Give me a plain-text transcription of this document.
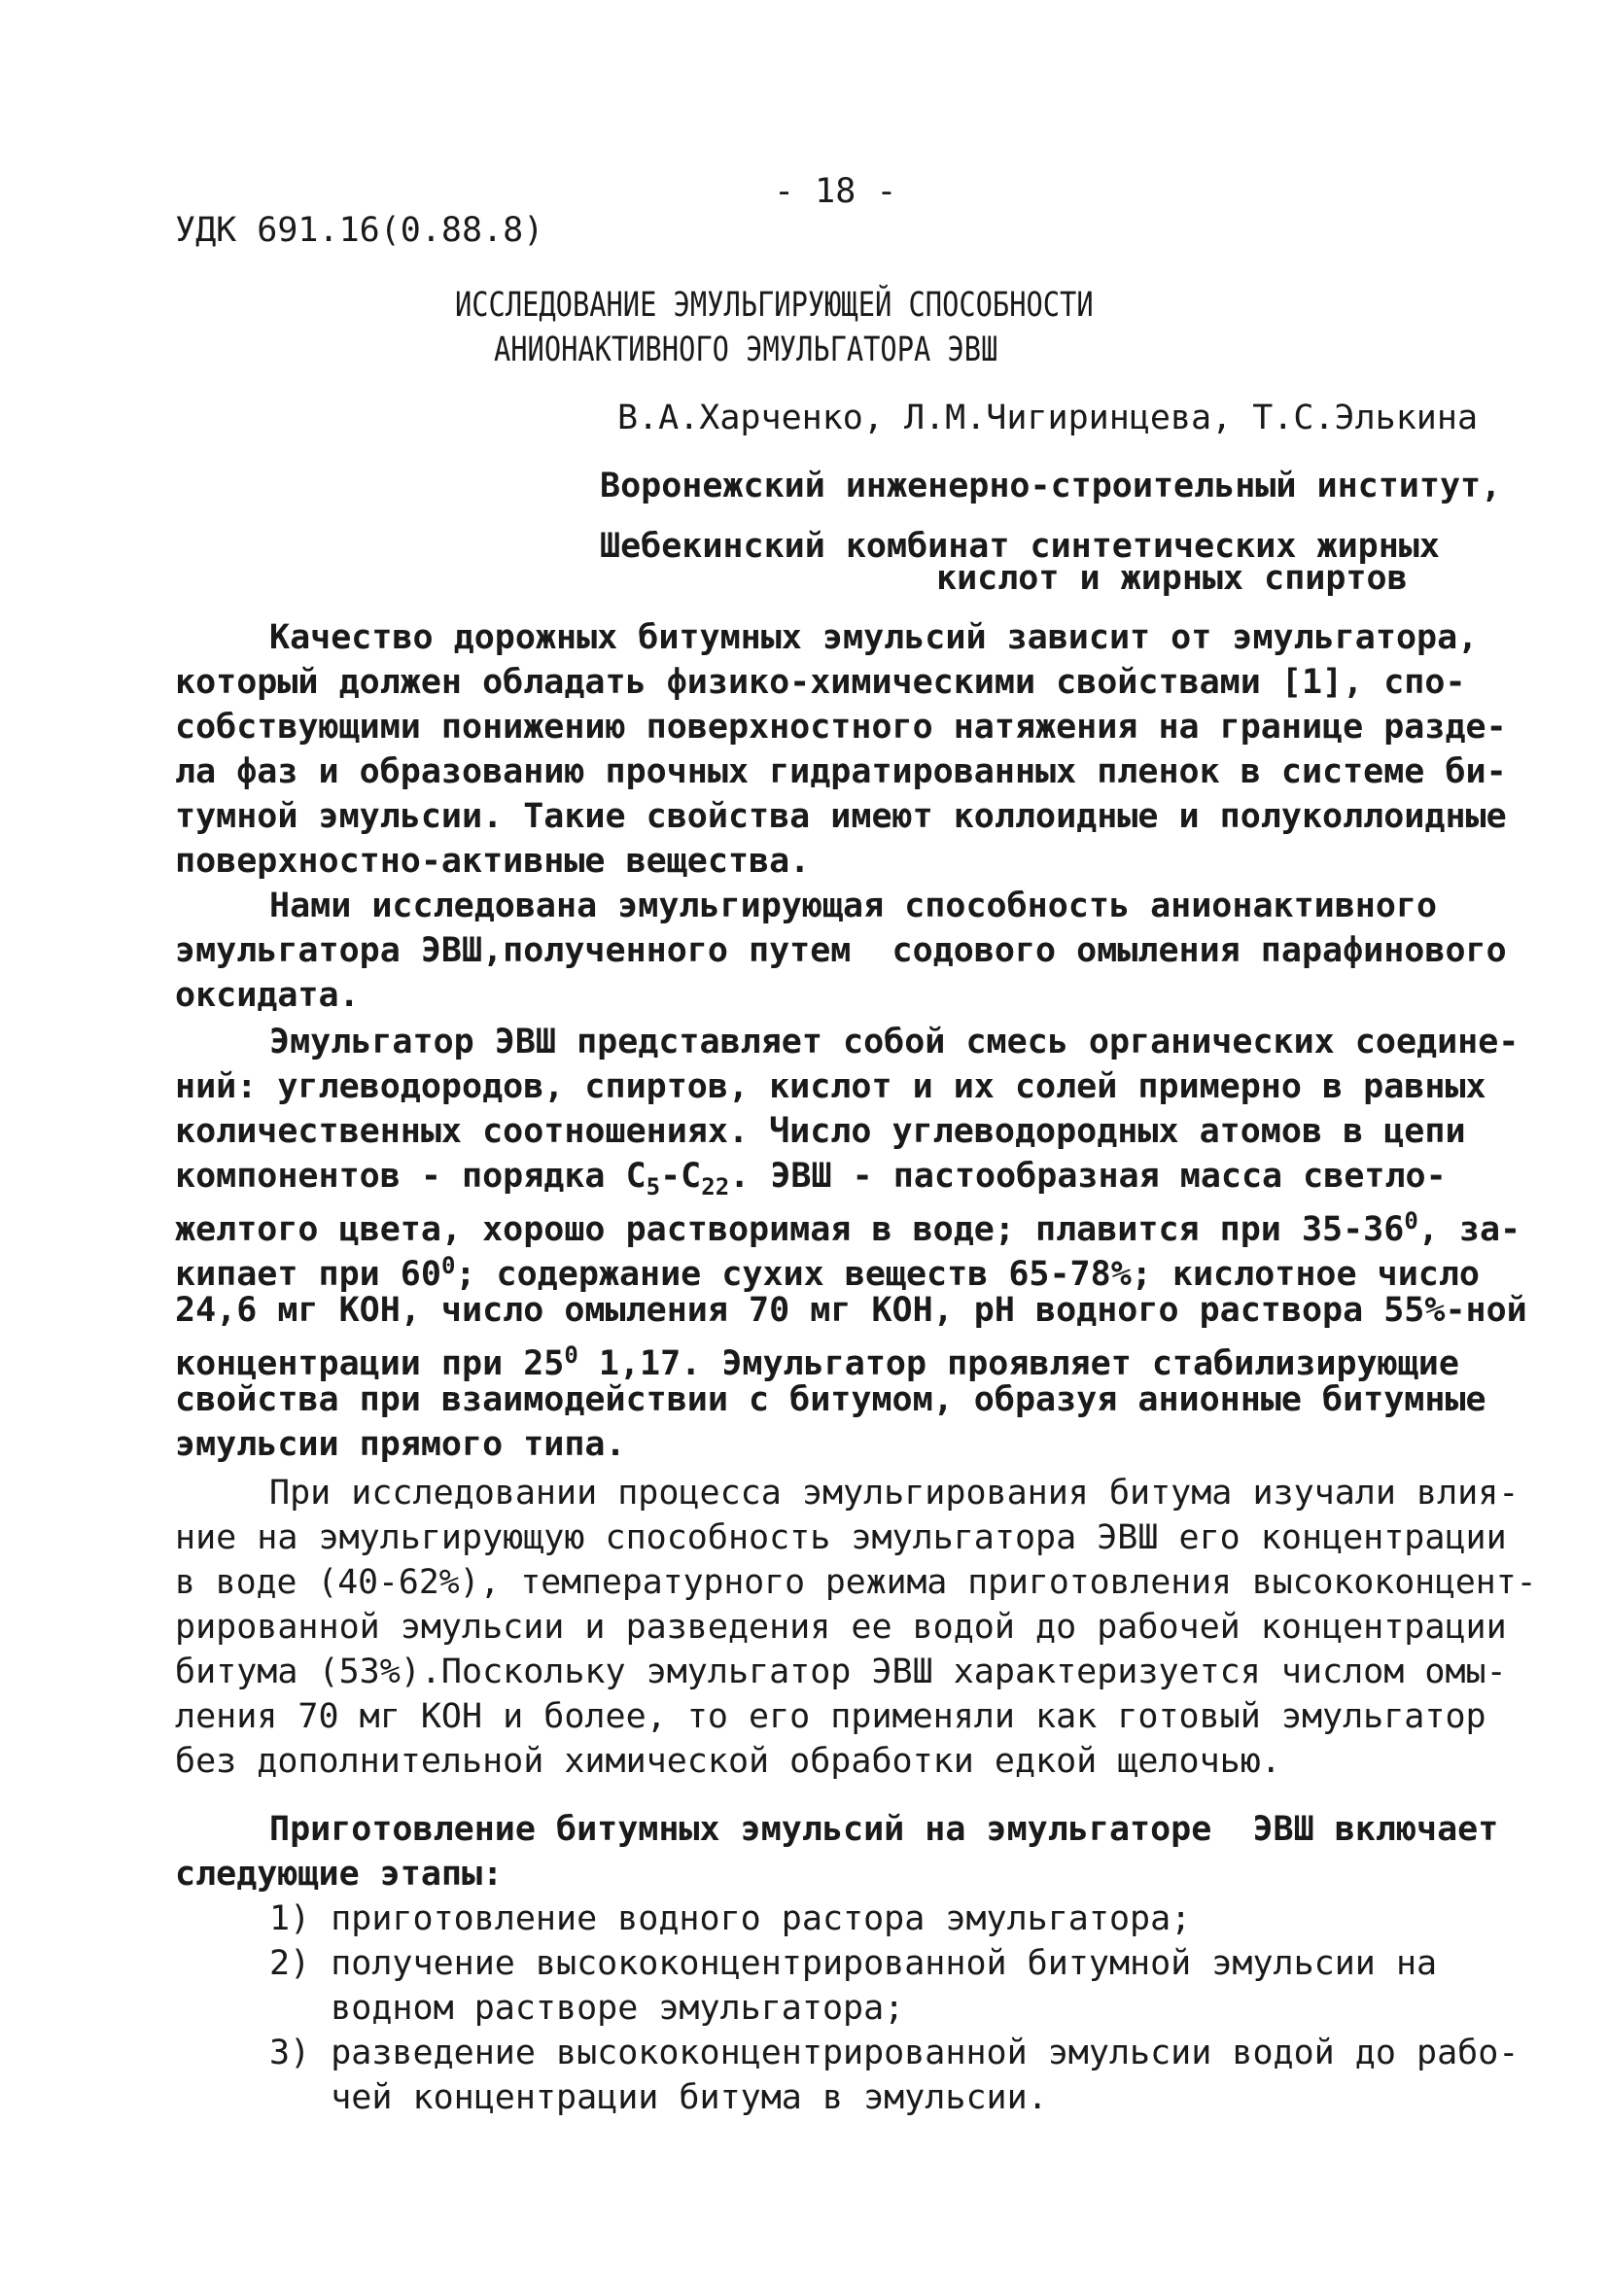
- 18 -
УДК 691.16(0.88.8)
ИССЛЕДОВАНИЕ ЭМУЛЬГИРУЮЩЕЙ СПОСОБНОСТИ
АНИОНАКТИВНОГО ЭМУЛЬГАТОРА ЭВШ
В.А.Харченко, Л.М.Чигиринцева, Т.С.Элькина
Воронежский инженерно-строительный институт,
Шебекинский комбинат синтетических жирных
кислот и жирных спиртов
Качество дорожных битумных эмульсий зависит от эмульгатора,
который должен обладать физико-химическими свойствами [1], спо-
собствующими понижению поверхностного натяжения на границе разде-
ла фаз и образованию прочных гидратированных пленок в системе би-
тумной эмульсии. Такие свойства имеют коллоидные и полуколлоидные
поверхностно-активные вещества.
Нами исследована эмульгирующая способность анионактивного
эмульгатора ЭВШ,полученного путем  содового омыления парафинового
оксидата.
Эмульгатор ЭВШ представляет собой смесь органических соедине-
ний: углеводородов, спиртов, кислот и их солей примерно в равных
количественных соотношениях. Число углеводородных атомов в цепи
компонентов - порядка $C_5-C_{22}$. ЭВШ - пастообразная масса светло-
желтого цвета, хорошо растворимая в воде; плавится при $35-36^0$, за-
кипает при $60^0$; содержание сухих веществ 65-78%; кислотное число
24,6 мг КОН, число омыления 70 мг КОН, рН водного раствора 55%-ной
концентрации при $25^0$ 1,17. Эмульгатор проявляет стабилизирующие
свойства при взаимодействии с битумом, образуя анионные битумные
эмульсии прямого типа.
При исследовании процесса эмульгирования битума изучали влия-
ние на эмульгирующую способность эмульгатора ЭВШ его концентрации
в воде (40-62%), температурного режима приготовления высококонцент-
рированной эмульсии и разведения ее водой до рабочей концентрации
битума (53%).Поскольку эмульгатор ЭВШ характеризуется числом омы-
ления 70 мг КОН и более, то его применяли как готовый эмульгатор
без дополнительной химической обработки едкой щелочью.
Приготовление битумных эмульсий на эмульгаторе  ЭВШ включает
следующие этапы:
1) приготовление водного растора эмульгатора;
2) получение высококонцентрированной битумной эмульсии на
водном растворе эмульгатора;
3) разведение высококонцентрированной эмульсии водой до рабо-
чей концентрации битума в эмульсии.
